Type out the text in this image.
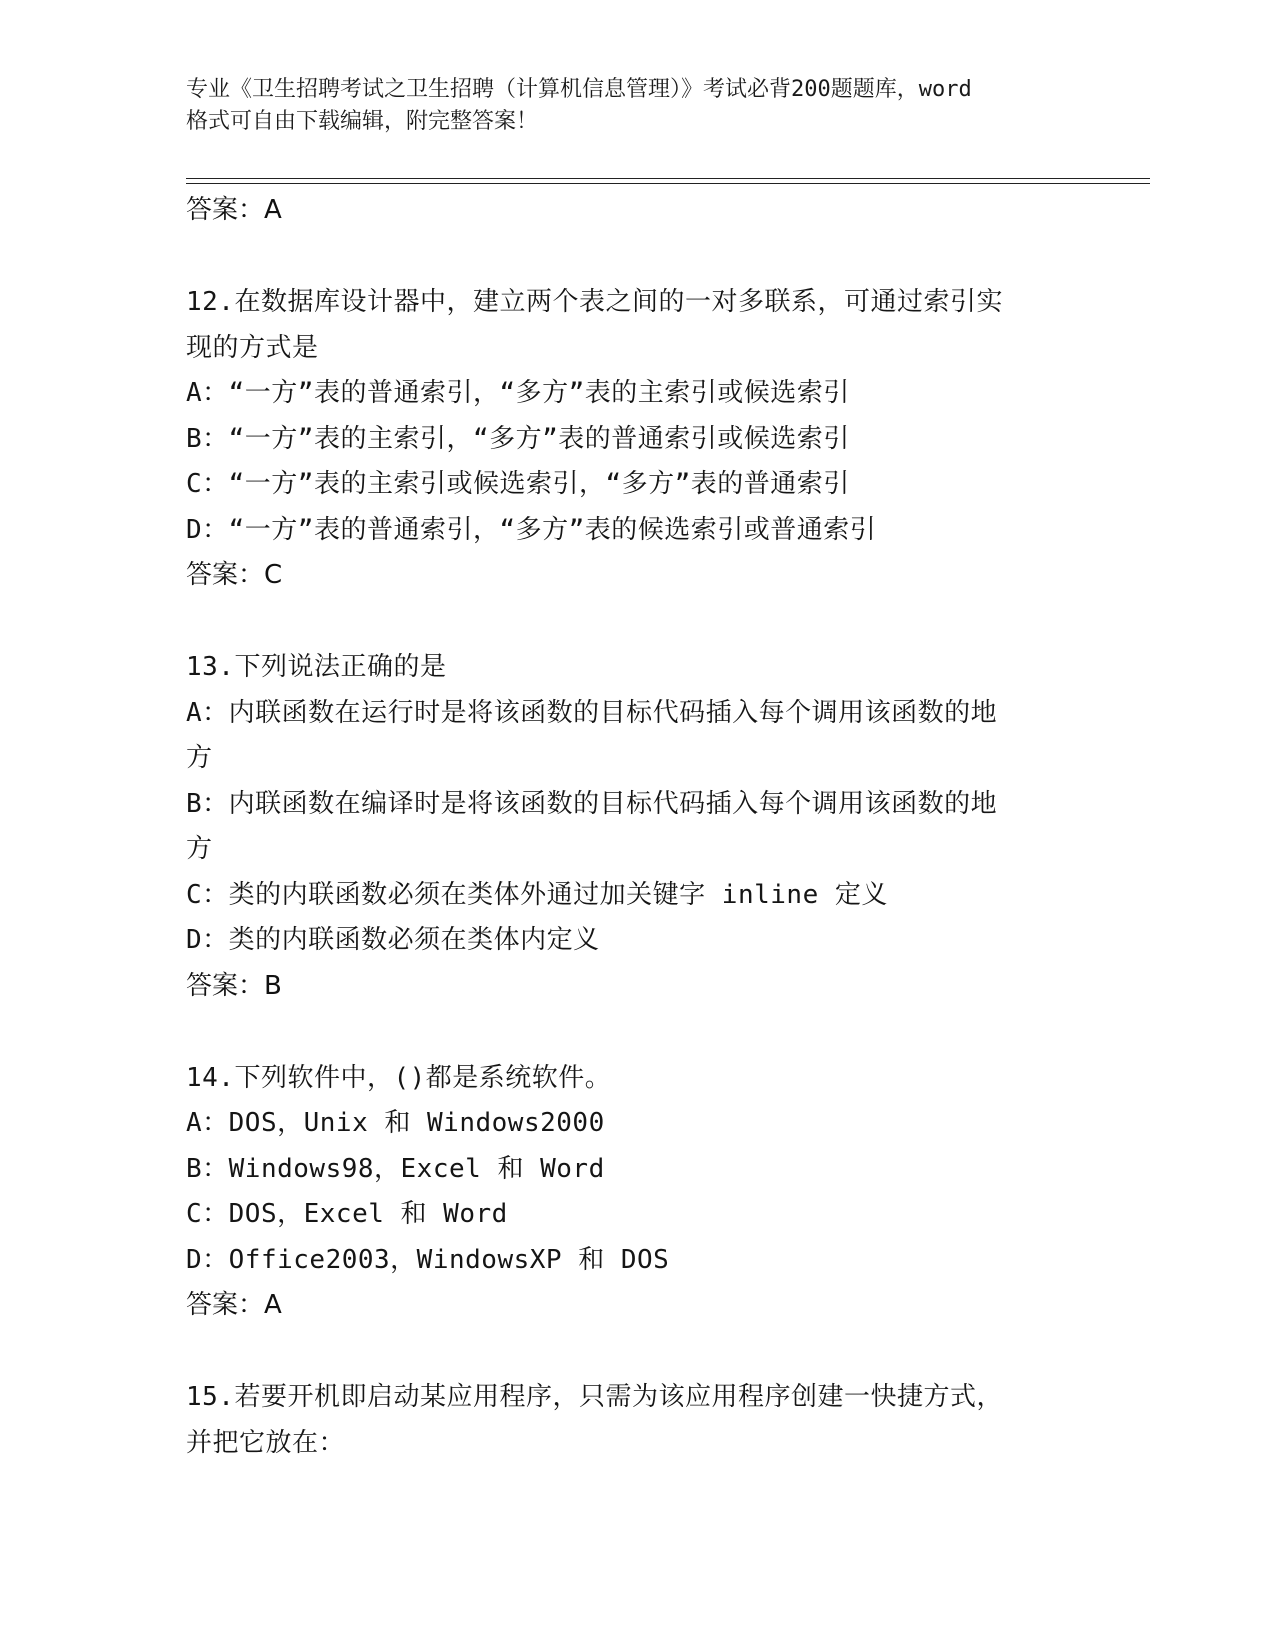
专业《卫生招聘考试之卫生招聘（计算机信息管理）》考试必背200题题库，word
格式可自由下载编辑，附完整答案！
答案：A
12.在数据库设计器中，建立两个表之间的一对多联系，可通过索引实
现的方式是
A：“一方”表的普通索引，“多方”表的主索引或候选索引
B：“一方”表的主索引，“多方”表的普通索引或候选索引
C：“一方”表的主索引或候选索引，“多方”表的普通索引
D：“一方”表的普通索引，“多方”表的候选索引或普通索引
答案：C
13.下列说法正确的是
A：内联函数在运行时是将该函数的目标代码插入每个调用该函数的地
方
B：内联函数在编译时是将该函数的目标代码插入每个调用该函数的地
方
C：类的内联函数必须在类体外通过加关键字 inline 定义
D：类的内联函数必须在类体内定义
答案：B
14.下列软件中，()都是系统软件。
A：DOS，Unix 和 Windows2000
B：Windows98，Excel 和 Word
C：DOS，Excel 和 Word
D：Office2003，WindowsXP 和 DOS
答案：A
15.若要开机即启动某应用程序，只需为该应用程序创建一快捷方式，
并把它放在：
